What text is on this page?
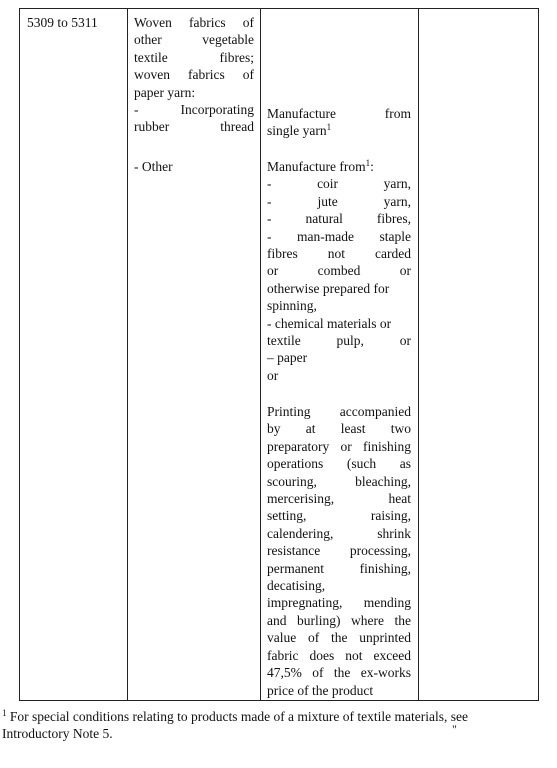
5309 to 5311	Woven fabrics of
other vegetable
textile fibres;
woven fabrics of
paper yarn:
- Incorporating
rubber thread
- Other
Manufacture from
single yarn$^1$
Manufacture from$^1$:
- coir yarn,
- jute yarn,
- natural fibres,
- man-made staple
fibres not carded
or combed or
otherwise prepared for
spinning,
- chemical materials or
textile pulp, or
– paper
or
Printing accompanied
by at least two
preparatory or finishing
operations (such as
scouring, bleaching,
mercerising, heat
setting, raising,
calendering, shrink
resistance processing,
permanent finishing,
decatising,
impregnating, mending
and burling) where the
value of the unprinted
fabric does not exceed
47,5% of the ex-works
price of the product
$^1$ For special conditions relating to products made of a mixture of textile materials, see
Introductory Note 5.	"
